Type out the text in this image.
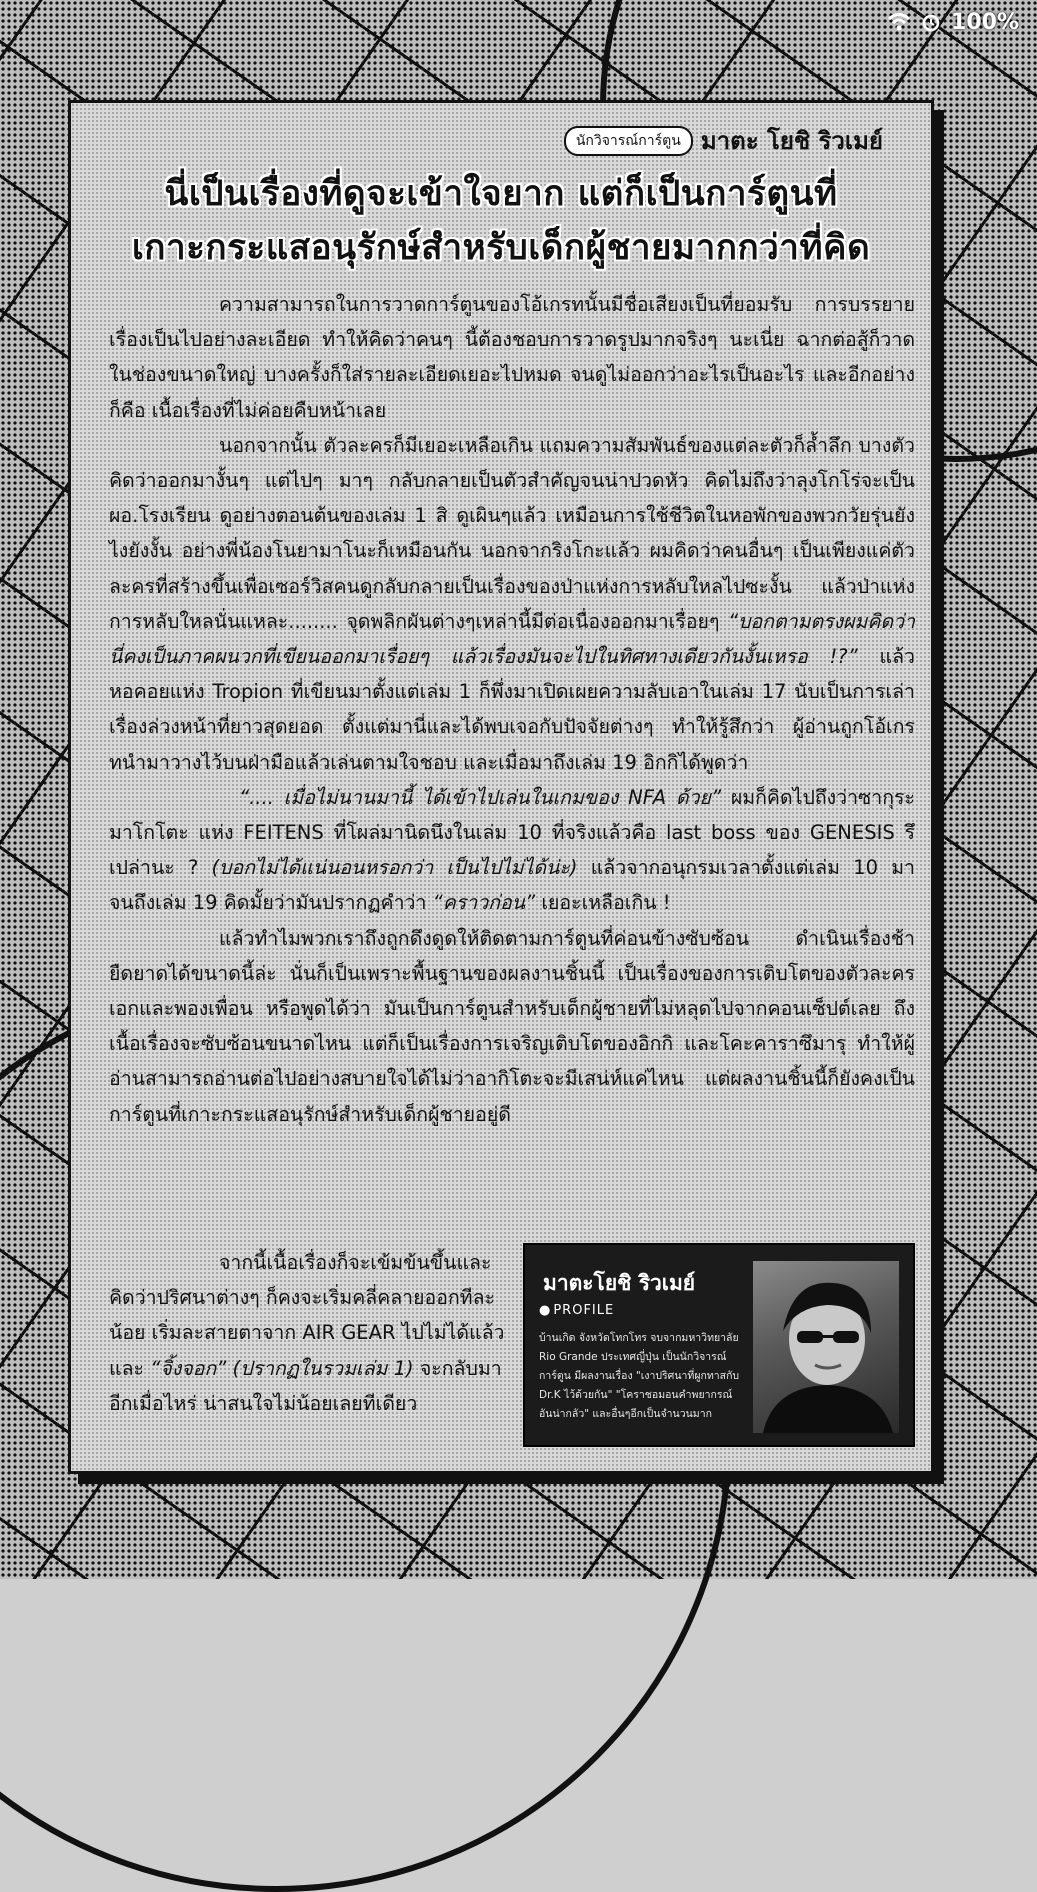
100%
นักวิจารณ์การ์ตูน มาตะ โยชิ ริวเมย์
นี่เป็นเรื่องที่ดูจะเข้าใจยาก แต่ก็เป็นการ์ตูนที่
เกาะกระแสอนุรักษ์สำหรับเด็กผู้ชายมากกว่าที่คิด

ความสามารถในการวาดการ์ตูนของโอ้เกรทนั้นมีชื่อเสียงเป็นที่ยอมรับ การบรรยายเรื่องเป็นไปอย่างละเอียด ทำให้คิดว่าคนๆ นี้ต้องชอบการวาดรูปมากจริงๆ นะเนี่ย ฉากต่อสู้ก็วาดในช่องขนาดใหญ่ บางครั้งก็ใส่รายละเอียดเยอะไปหมด จนดูไม่ออกว่าอะไรเป็นอะไร และอีกอย่างก็คือ เนื้อเรื่องที่ไม่ค่อยคืบหน้าเลย

นอกจากนั้น ตัวละครก็มีเยอะเหลือเกิน แถมความสัมพันธ์ของแต่ละตัวก็ล้ำลึก บางตัวคิดว่าออกมางั้นๆ แต่ไปๆ มาๆ กลับกลายเป็นตัวสำคัญจนน่าปวดหัว คิดไม่ถึงว่าลุงโกโร่จะเป็นผอ.โรงเรียน ดูอย่างตอนต้นของเล่ม 1 สิ ดูเผินๆแล้ว เหมือนการใช้ชีวิตในหอพักของพวกวัยรุ่นยังไงยังงั้น อย่างพี่น้องโนยามาโนะก็เหมือนกัน นอกจากริงโกะแล้ว ผมคิดว่าคนอื่นๆ เป็นเพียงแค่ตัวละครที่สร้างขึ้นเพื่อเซอร์วิสคนดูกลับกลายเป็นเรื่องของป่าแห่งการหลับใหลไปซะงั้น แล้วป่าแห่งการหลับใหลนั่นแหละ........ จุดพลิกผันต่างๆเหล่านี้มีต่อเนื่องออกมาเรื่อยๆ “บอกตามตรงผมคิดว่านี่คงเป็นภาคผนวกที่เขียนออกมาเรื่อยๆ แล้วเรื่องมันจะไปในทิศทางเดียวกันงั้นเหรอ !?” แล้วหอคอยแห่ง Tropion ที่เขียนมาตั้งแต่เล่ม 1 ก็พึ่งมาเปิดเผยความลับเอาในเล่ม 17 นับเป็นการเล่าเรื่องล่วงหน้าที่ยาวสุดยอด ตั้งแต่มานี่และได้พบเจอกับปัจจัยต่างๆ ทำให้รู้สึกว่า ผู้อ่านถูกโอ้เกรทนำมาวางไว้บนฝ่ามือแล้วเล่นตามใจชอบ และเมื่อมาถึงเล่ม 19 อิกกิได้พูดว่า

“.... เมื่อไม่นานมานี้ ได้เข้าไปเล่นในเกมของ NFA ด้วย” ผมก็คิดไปถึงว่าซากุระมาโกโตะ แห่ง FEITENS ที่โผล่มานิดนึงในเล่ม 10 ที่จริงแล้วคือ last boss ของ GENESIS รึเปล่านะ ? (บอกไม่ได้แน่นอนหรอกว่า เป็นไปไม่ได้น่ะ) แล้วจากอนุกรมเวลาตั้งแต่เล่ม 10 มาจนถึงเล่ม 19 คิดมั้ยว่ามันปรากฏคำว่า “คราวก่อน” เยอะเหลือเกิน !

แล้วทำไมพวกเราถึงถูกดึงดูดให้ติดตามการ์ตูนที่ค่อนข้างซับซ้อน ดำเนินเรื่องช้ายืดยาดได้ขนาดนี้ล่ะ นั่นก็เป็นเพราะพื้นฐานของผลงานชิ้นนี้ เป็นเรื่องของการเติบโตของตัวละครเอกและพองเพื่อน หรือพูดได้ว่า มันเป็นการ์ตูนสำหรับเด็กผู้ชายที่ไม่หลุดไปจากคอนเซ็ปต์เลย ถึงเนื้อเรื่องจะซับซ้อนขนาดไหน แต่ก็เป็นเรื่องการเจริญเติบโตของอิกกิ และโคะคาราซึมารุ ทำให้ผู้อ่านสามารถอ่านต่อไปอย่างสบายใจได้ไม่ว่าอากิโตะจะมีเสน่ห์แค่ไหน แต่ผลงานชิ้นนี้ก็ยังคงเป็นการ์ตูนที่เกาะกระแสอนุรักษ์สำหรับเด็กผู้ชายอยู่ดี

จากนี้เนื้อเรื่องก็จะเข้มข้นขึ้นและคิดว่าปริศนาต่างๆ ก็คงจะเริ่มคลี่คลายออกทีละน้อย เริ่มละสายตาจาก AIR GEAR ไปไม่ได้แล้วและ “จิ้งจอก” (ปรากฏในรวมเล่ม 1) จะกลับมาอีกเมื่อไหร่ น่าสนใจไม่น้อยเลยทีเดียว

มาตะโยชิ ริวเมย์
● PROFILE
บ้านเกิด จังหวัดโทกโทร จบจากมหาวิทยาลัย Rio Grande ประเทศญี่ปุ่น เป็นนักวิจารณ์การ์ตูน มีผลงานเรื่อง "เงาปริศนาที่ผูกทาสกับ Dr.K ไว้ด้วยกัน" "โคราชอมอนคำพยากรณ์อันน่ากลัว" และอื่นๆอีกเป็นจำนวนมาก
